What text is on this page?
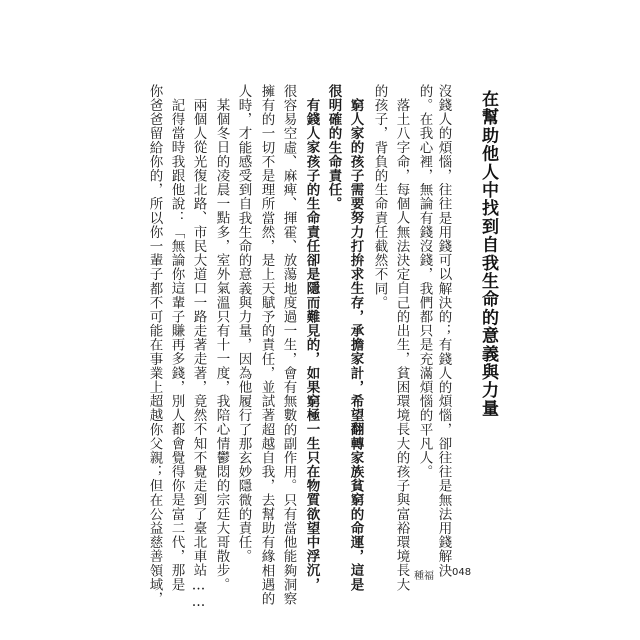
在幫助他人中找到自我生命的意義與力量
沒錢人的煩惱，往往是用錢可以解決的；有錢人的煩惱，卻往往是無法用錢解決
的。在我心裡，無論有錢沒錢，我們都只是充滿煩惱的平凡人。
落土八字命，每個人無法決定自己的出生，貧困環境長大的孩子與富裕環境長大
的孩子，背負的生命責任截然不同。
窮人家的孩子需要努力打拚求生存，承擔家計，希望翻轉家族貧窮的命運，這是
很明確的生命責任。
有錢人家孩子的生命責任卻是隱而難見的，如果窮極一生只在物質欲望中浮沉，
很容易空虛、麻痺、揮霍、放蕩地度過一生，會有無數的副作用。只有當他能夠洞察
擁有的一切不是理所當然，是上天賦予的責任，並試著超越自我，去幫助有緣相遇的
人時，才能感受到自我生命的意義與力量，因為他履行了那玄妙隱微的責任。
某個冬日的凌晨一點多，室外氣溫只有十一度，我陪心情鬱悶的宗廷大哥散步。
兩個人從光復北路、市民大道口一路走著走著，竟然不知不覺走到了臺北車站……
記得當時我跟他說：「無論你這輩子賺再多錢，別人都會覺得你是富二代，那是
你爸爸留給你的，所以你一輩子都不可能在事業上超越你父親；但在公益慈善領域，	種福 048
